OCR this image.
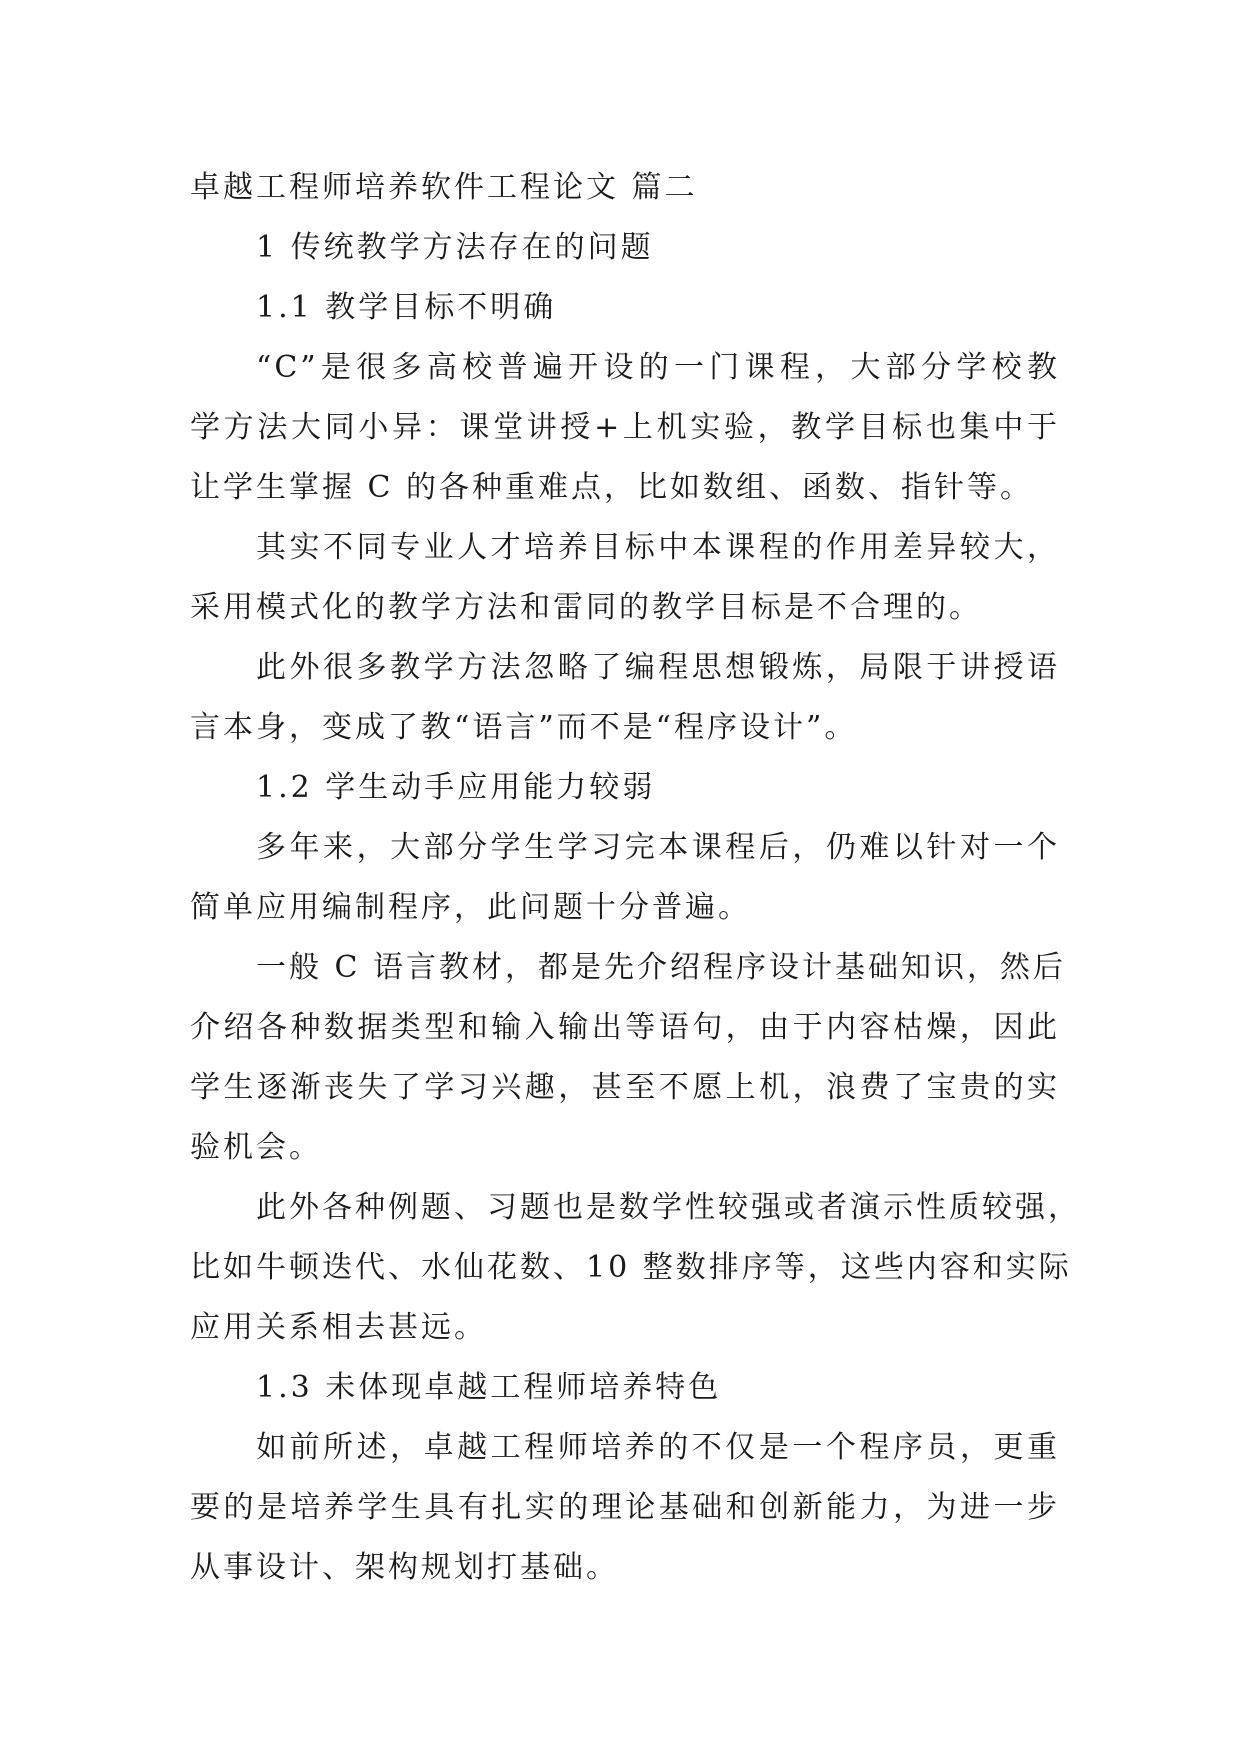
卓越工程师培养软件工程论文 篇二
1 传统教学方法存在的问题
1.1 教学目标不明确
“C”是很多高校普遍开设的一门课程，大部分学校教
学方法大同小异：课堂讲授+上机实验，教学目标也集中于
让学生掌握 C 的各种重难点，比如数组、函数、指针等。
其实不同专业人才培养目标中本课程的作用差异较大，
采用模式化的教学方法和雷同的教学目标是不合理的。
此外很多教学方法忽略了编程思想锻炼，局限于讲授语
言本身，变成了教“语言”而不是“程序设计”。
1.2 学生动手应用能力较弱
多年来，大部分学生学习完本课程后，仍难以针对一个
简单应用编制程序，此问题十分普遍。
一般 C 语言教材，都是先介绍程序设计基础知识，然后
介绍各种数据类型和输入输出等语句，由于内容枯燥，因此
学生逐渐丧失了学习兴趣，甚至不愿上机，浪费了宝贵的实
验机会。
此外各种例题、习题也是数学性较强或者演示性质较强，
比如牛顿迭代、水仙花数、10 整数排序等，这些内容和实际
应用关系相去甚远。
1.3 未体现卓越工程师培养特色
如前所述，卓越工程师培养的不仅是一个程序员，更重
要的是培养学生具有扎实的理论基础和创新能力，为进一步
从事设计、架构规划打基础。
